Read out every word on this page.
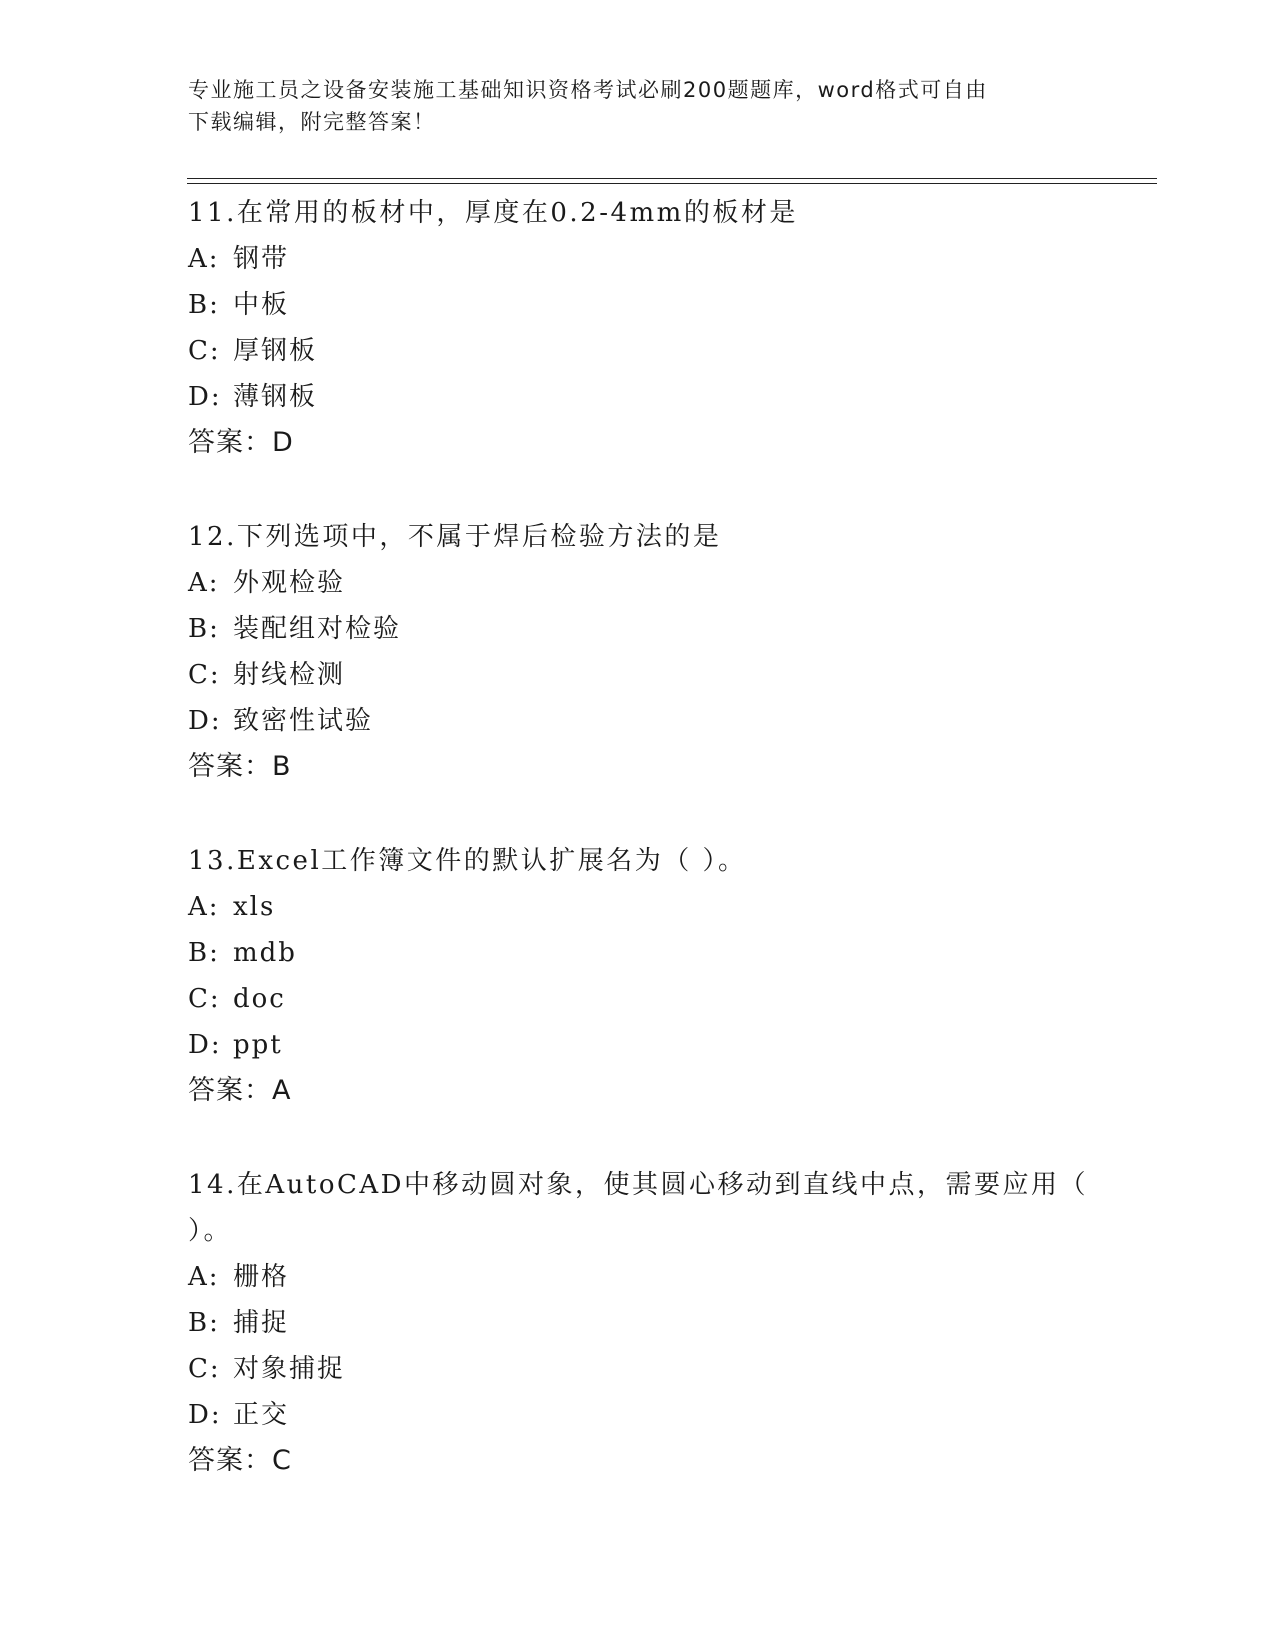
专业施工员之设备安装施工基础知识资格考试必刷200题题库，word格式可自由
下载编辑，附完整答案！
11.在常用的板材中，厚度在0.2-4mm的板材是
A: 钢带
B: 中板
C: 厚钢板
D: 薄钢板
答案：D
12.下列选项中，不属于焊后检验方法的是
A: 外观检验
B: 装配组对检验
C: 射线检测
D: 致密性试验
答案：B
13.Excel工作簿文件的默认扩展名为（ ）。
A: xls
B: mdb
C: doc
D: ppt
答案：A
14.在AutoCAD中移动圆对象，使其圆心移动到直线中点，需要应用（ ）。
A: 栅格
B: 捕捉
C: 对象捕捉
D: 正交
答案：C
